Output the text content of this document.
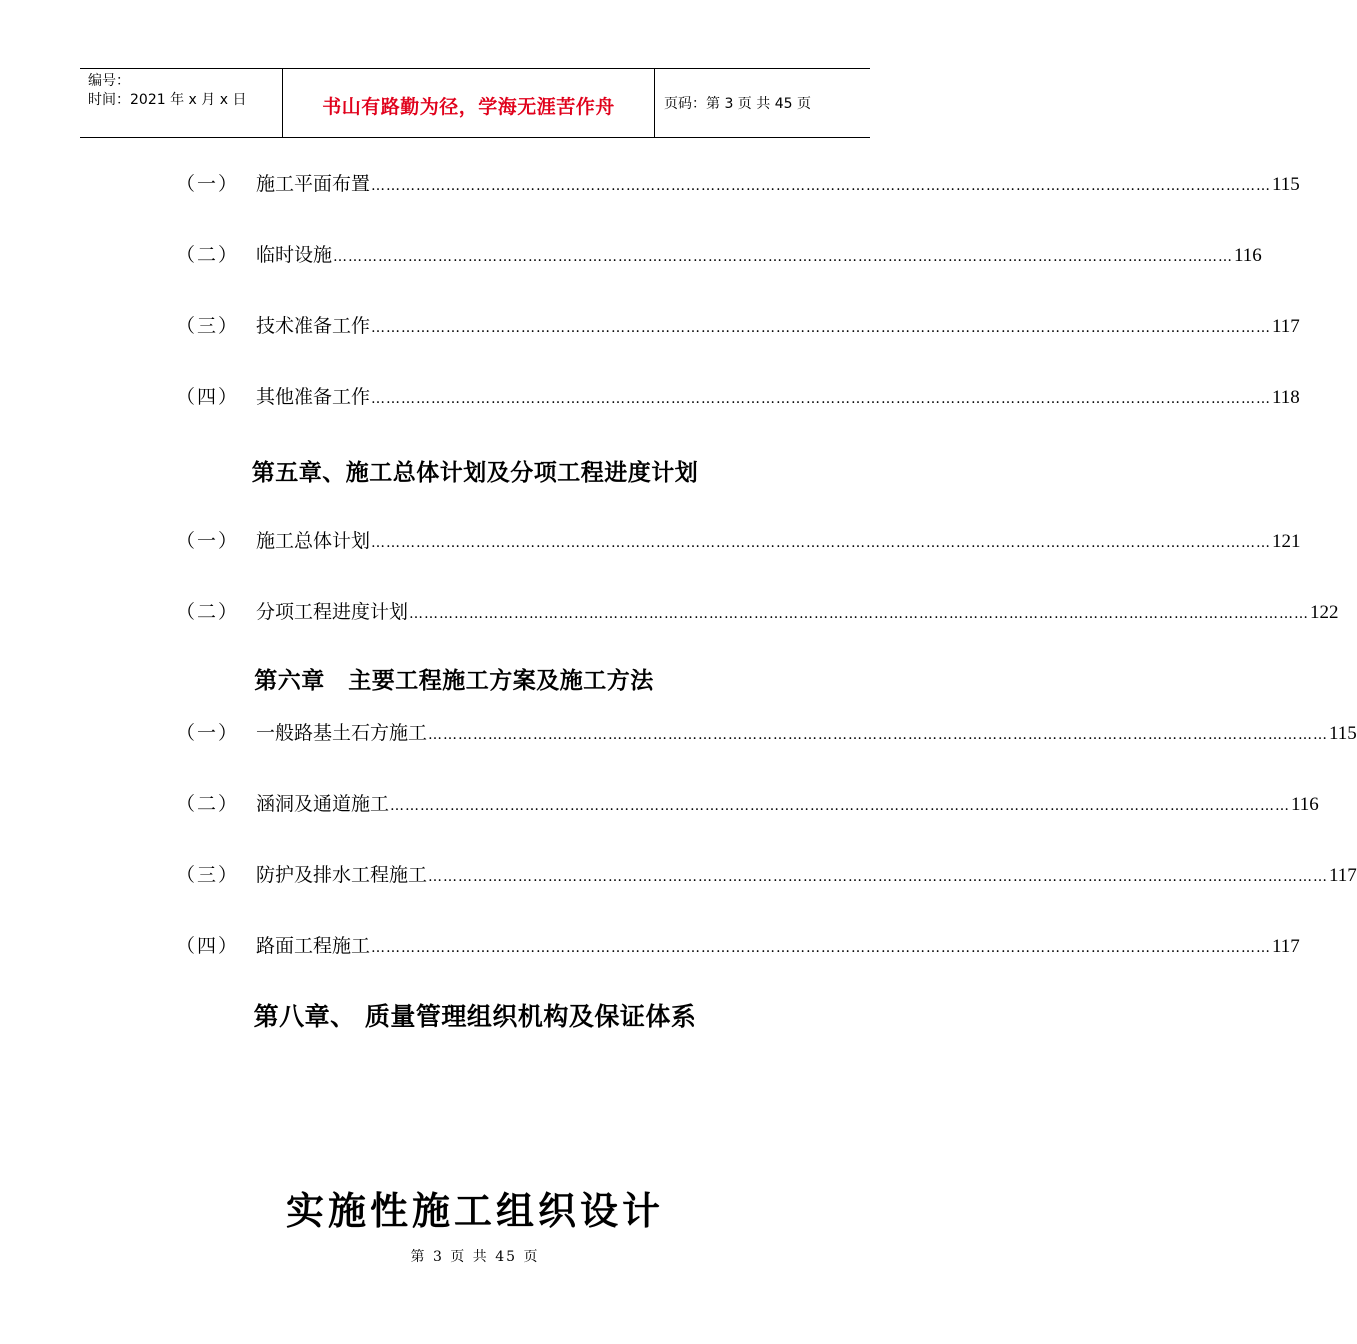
编号：
时间：2021 年 x 月 x 日	书山有路勤为径，学海无涯苦作舟	页码：第 3 页 共 45 页
（一） 施工平面布置 ……………………………………………………………………………………………………………………………………………………………… 115
（二） 临时设施 ……………………………………………………………………………………………………………………………………………………………… 116
（三） 技术准备工作 ……………………………………………………………………………………………………………………………………………………………… 117
（四） 其他准备工作 ……………………………………………………………………………………………………………………………………………………………… 118
第五章、施工总体计划及分项工程进度计划
（一） 施工总体计划 ……………………………………………………………………………………………………………………………………………………………… 121
（二） 分项工程进度计划 ……………………………………………………………………………………………………………………………………………………………… 122
第六章　主要工程施工方案及施工方法
（一） 一般路基土石方施工 ……………………………………………………………………………………………………………………………………………………………… 115
（二） 涵洞及通道施工 ……………………………………………………………………………………………………………………………………………………………… 116
（三） 防护及排水工程施工 ……………………………………………………………………………………………………………………………………………………………… 117
（四） 路面工程施工 ……………………………………………………………………………………………………………………………………………………………… 117
第八章、 质量管理组织机构及保证体系
实施性施工组织设计
第 3 页 共 45 页
